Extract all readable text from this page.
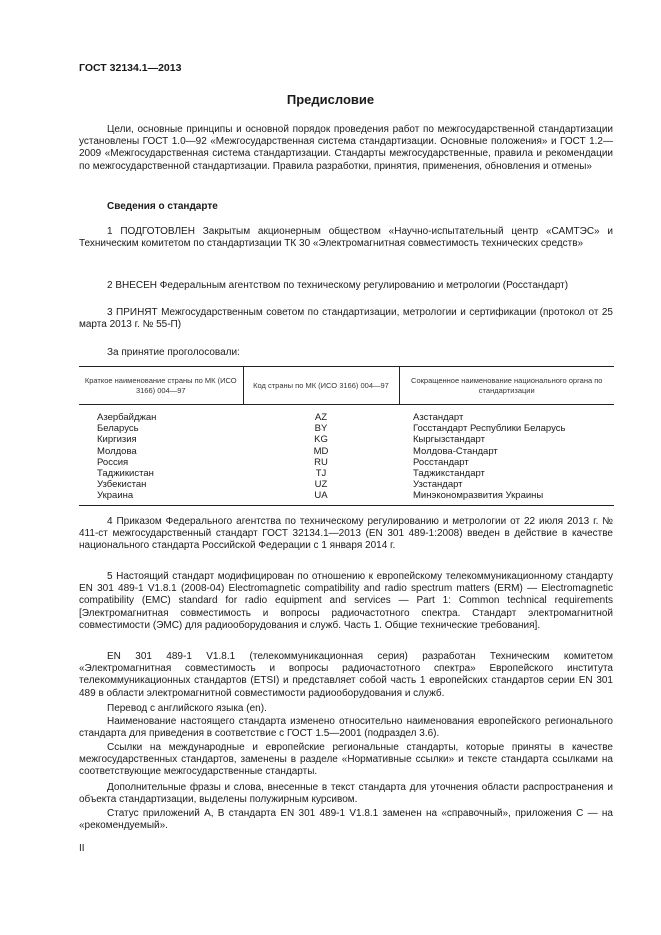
ГОСТ 32134.1—2013
Предисловие

Цели, основные принципы и основной порядок проведения работ по межгосударственной стандартизации установлены ГОСТ 1.0—92 «Межгосударственная система стандартизации. Основные положения» и ГОСТ 1.2—2009 «Межгосударственная система стандартизации. Стандарты межгосударственные, правила и рекомендации по межгосударственной стандартизации. Правила разработки, принятия, применения, обновления и отмены»

Сведения о стандарте

1 ПОДГОТОВЛЕН Закрытым акционерным обществом «Научно-испытательный центр «САМТЭС» и Техническим комитетом по стандартизации ТК 30 «Электромагнитная совместимость технических средств»

2 ВНЕСЕН Федеральным агентством по техническому регулированию и метрологии (Росстандарт)

3 ПРИНЯТ Межгосударственным советом по стандартизации, метрологии и сертификации (протокол от 25 марта 2013 г. № 55-П)

За принятие проголосовали:

Краткое наименование страны по МК (ИСО 3166) 004—97	Код страны по МК (ИСО 3166) 004—97	Сокращенное наименование национального органа по стандартизации
Азербайджан	AZ	Азстандарт
Беларусь	BY	Госстандарт Республики Беларусь
Киргизия	KG	Кыргызстандарт
Молдова	MD	Молдова-Стандарт
Россия	RU	Росстандарт
Таджикистан	TJ	Таджикстандарт
Узбекистан	UZ	Узстандарт
Украина	UA	Минэкономразвития Украины

4 Приказом Федерального агентства по техническому регулированию и метрологии от 22 июля 2013 г. № 411-ст межгосударственный стандарт ГОСТ 32134.1—2013 (EN 301 489-1:2008) введен в действие в качестве национального стандарта Российской Федерации с 1 января 2014 г.

5 Настоящий стандарт модифицирован по отношению к европейскому телекоммуникационному стандарту EN 301 489-1 V1.8.1 (2008-04) Electromagnetic compatibility and radio spectrum matters (ERM) — Electromagnetic compatibility (EMC) standard for radio equipment and services — Part 1: Common technical requirements [Электромагнитная совместимость и вопросы радиочастотного спектра. Стандарт электромагнитной совместимости (ЭМС) для радиооборудования и служб. Часть 1. Общие технические требования].

EN 301 489-1 V1.8.1 (телекоммуникационная серия) разработан Техническим комитетом «Электромагнитная совместимость и вопросы радиочастотного спектра» Европейского института телекоммуникационных стандартов (ETSI) и представляет собой часть 1 европейских стандартов серии EN 301 489 в области электромагнитной совместимости радиооборудования и служб.

Перевод с английского языка (en).

Наименование настоящего стандарта изменено относительно наименования европейского регионального стандарта для приведения в соответствие с ГОСТ 1.5—2001 (подраздел 3.6).

Ссылки на международные и европейские региональные стандарты, которые приняты в качестве межгосударственных стандартов, заменены в разделе «Нормативные ссылки» и тексте стандарта ссылками на соответствующие межгосударственные стандарты.

Дополнительные фразы и слова, внесенные в текст стандарта для уточнения области распространения и объекта стандартизации, выделены полужирным курсивом.

Статус приложений А, В стандарта EN 301 489-1 V1.8.1 заменен на «справочный», приложения С — на «рекомендуемый».

II
